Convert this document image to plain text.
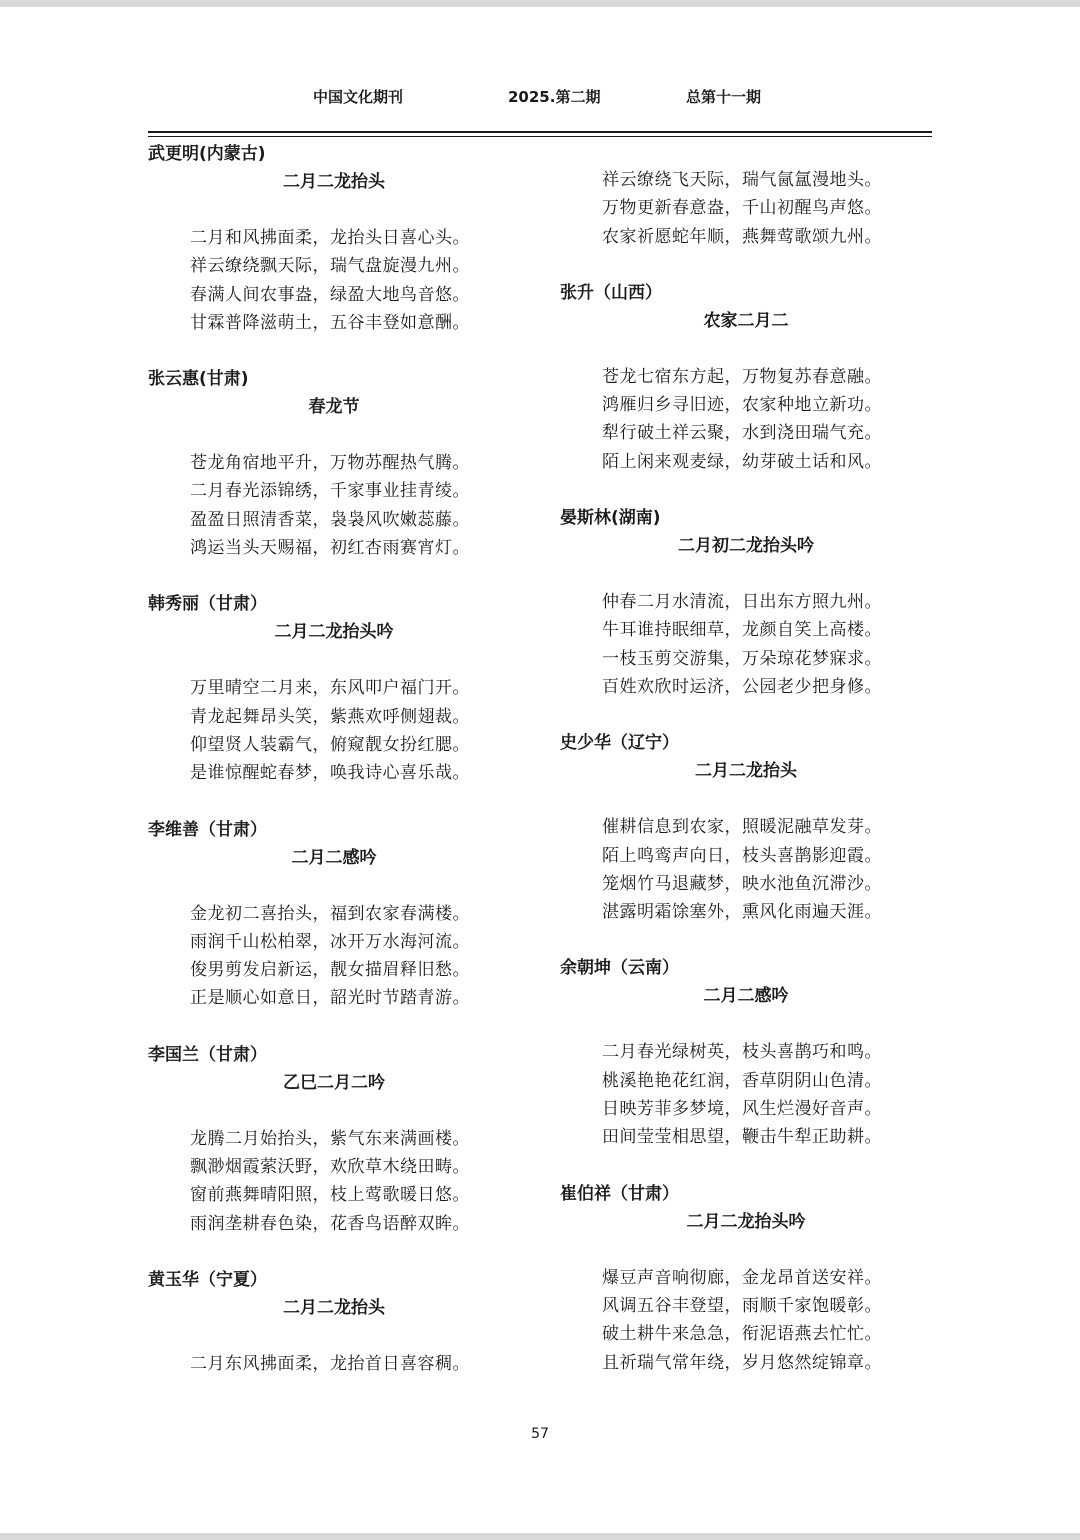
中国文化期刊	2025.第二期	总第十一期
武更明(内蒙古)
二月二龙抬头
二月和风拂面柔，龙抬头日喜心头。
祥云缭绕飘天际，瑞气盘旋漫九州。
春满人间农事盎，绿盈大地鸟音悠。
甘霖普降滋萌土，五谷丰登如意酬。
张云惠(甘肃)
春龙节
苍龙角宿地平升，万物苏醒热气腾。
二月春光添锦绣，千家事业挂青绫。
盈盈日照清香菜，袅袅风吹嫩蕊藤。
鸿运当头天赐福，初红杏雨赛宵灯。
韩秀丽（甘肃）
二月二龙抬头吟
万里晴空二月来，东风叩户福门开。
青龙起舞昂头笑，紫燕欢呼侧翅裁。
仰望贤人装霸气，俯窥靓女扮红腮。
是谁惊醒蛇春梦，唤我诗心喜乐哉。
李维善（甘肃）
二月二感吟
金龙初二喜抬头，福到农家春满楼。
雨润千山松柏翠，冰开万水海河流。
俊男剪发启新运，靓女描眉释旧愁。
正是顺心如意日，韶光时节踏青游。
李国兰（甘肃）
乙巳二月二吟
龙腾二月始抬头，紫气东来满画楼。
飘渺烟霞萦沃野，欢欣草木绕田畴。
窗前燕舞晴阳照，枝上莺歌暖日悠。
雨润垄耕春色染，花香鸟语醉双眸。
黄玉华（宁夏）
二月二龙抬头
二月东风拂面柔，龙抬首日喜容稠。
祥云缭绕飞天际，瑞气氤氲漫地头。
万物更新春意盎，千山初醒鸟声悠。
农家祈愿蛇年顺，燕舞莺歌颂九州。
张升（山西）
农家二月二
苍龙七宿东方起，万物复苏春意融。
鸿雁归乡寻旧迹，农家种地立新功。
犁行破土祥云聚，水到浇田瑞气充。
陌上闲来观麦绿，幼芽破土话和风。
晏斯林(湖南)
二月初二龙抬头吟
仲春二月水清流，日出东方照九州。
牛耳谁持眠细草，龙颜自笑上高楼。
一枝玉剪交游集，万朵琼花梦寐求。
百姓欢欣时运济，公园老少把身修。
史少华（辽宁）
二月二龙抬头
催耕信息到农家，照暖泥融草发芽。
陌上鸣鸾声向日，枝头喜鹊影迎霞。
笼烟竹马退藏梦，映水池鱼沉滞沙。
湛露明霜馀塞外，熏风化雨遍天涯。
余朝坤（云南）
二月二感吟
二月春光绿树英，枝头喜鹊巧和鸣。
桃溪艳艳花红润，香草阴阴山色清。
日映芳菲多梦境，风生烂漫好音声。
田间莹莹相思望，鞭击牛犁正助耕。
崔伯祥（甘肃）
二月二龙抬头吟
爆豆声音响彻廊，金龙昂首送安祥。
风调五谷丰登望，雨顺千家饱暖彰。
破土耕牛来急急，衔泥语燕去忙忙。
且祈瑞气常年绕，岁月悠然绽锦章。
57
